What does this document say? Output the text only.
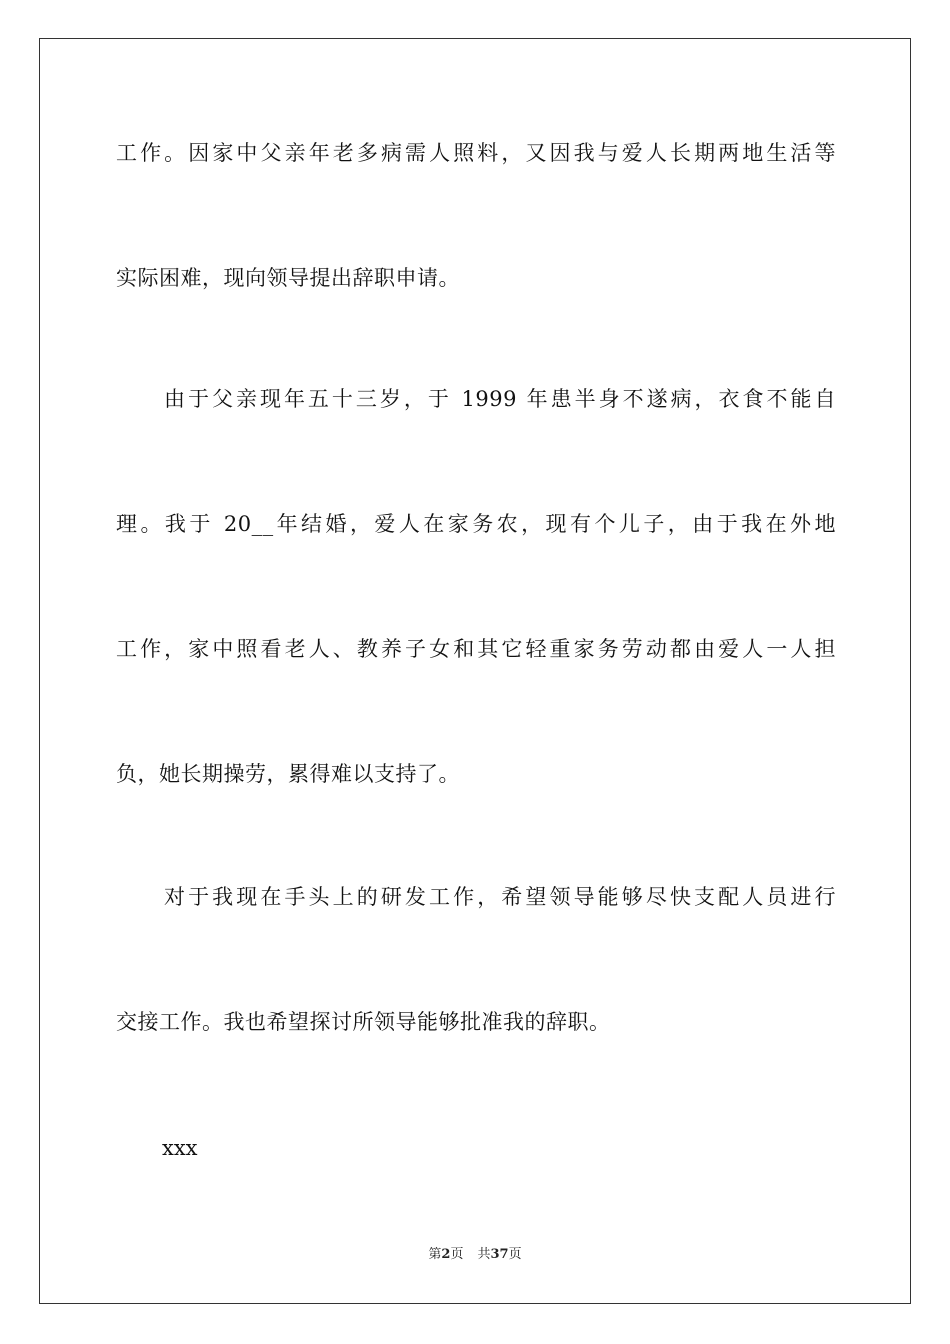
工作。因家中父亲年老多病需人照料，又因我与爱人长期两地生活等
实际困难，现向领导提出辞职申请。
由于父亲现年五十三岁，于 1999 年患半身不遂病，衣食不能自
理。我于 20__年结婚，爱人在家务农，现有个儿子，由于我在外地
工作，家中照看老人、教养子女和其它轻重家务劳动都由爱人一人担
负，她长期操劳，累得难以支持了。
对于我现在手头上的研发工作，希望领导能够尽快支配人员进行
交接工作。我也希望探讨所领导能够批准我的辞职。
xxx
第2页 共37页
